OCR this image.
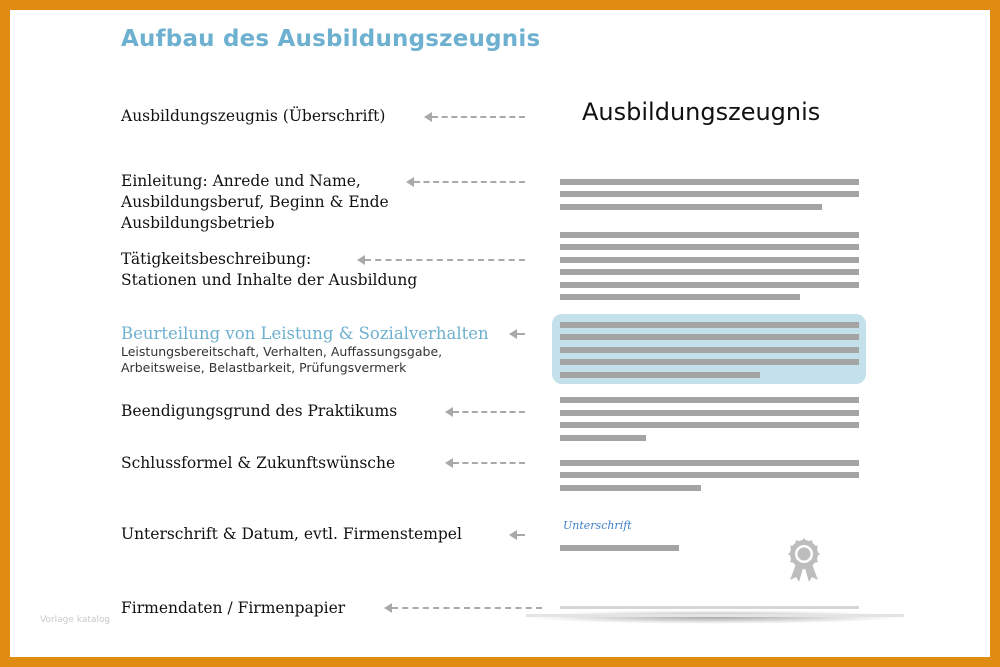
Aufbau des Ausbildungszeugnis
Ausbildungszeugnis (Überschrift)
Einleitung: Anrede und Name,
Ausbildungsberuf, Beginn & Ende
Ausbildungsbetrieb
Tätigkeitsbeschreibung:
Stationen und Inhalte der Ausbildung
Beurteilung von Leistung & Sozialverhalten
Leistungsbereitschaft, Verhalten, Auffassungsgabe,
Arbeitsweise, Belastbarkeit, Prüfungsvermerk
Beendigungsgrund des Praktikums
Schlussformel & Zukunftswünsche
Unterschrift & Datum, evtl. Firmenstempel
Firmendaten / Firmenpapier
Ausbildungszeugnis
Unterschrift
Vorlage katalog
